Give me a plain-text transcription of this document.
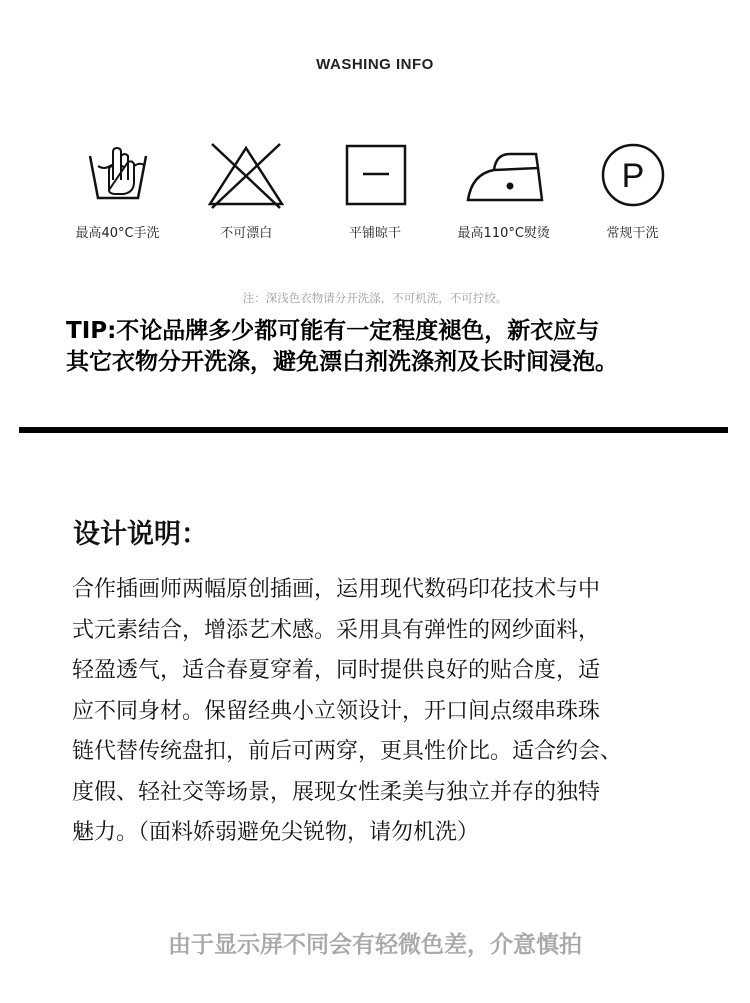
WASHING INFO
最高40°C手洗	不可漂白	平铺晾干	最高110°C熨烫
P
常规干洗
注：深浅色衣物请分开洗涤，不可机洗，不可拧绞。
TIP:不论品牌多少都可能有一定程度褪色，新衣应与
其它衣物分开洗涤，避免漂白剂洗涤剂及长时间浸泡。
设计说明：
合作插画师两幅原创插画，运用现代数码印花技术与中
式元素结合，增添艺术感。采用具有弹性的网纱面料，
轻盈透气，适合春夏穿着，同时提供良好的贴合度，适
应不同身材。保留经典小立领设计，开口间点缀串珠珠
链代替传统盘扣，前后可两穿，更具性价比。适合约会、
度假、轻社交等场景，展现女性柔美与独立并存的独特
魅力。（面料娇弱避免尖锐物，请勿机洗）
由于显示屏不同会有轻微色差，介意慎拍
